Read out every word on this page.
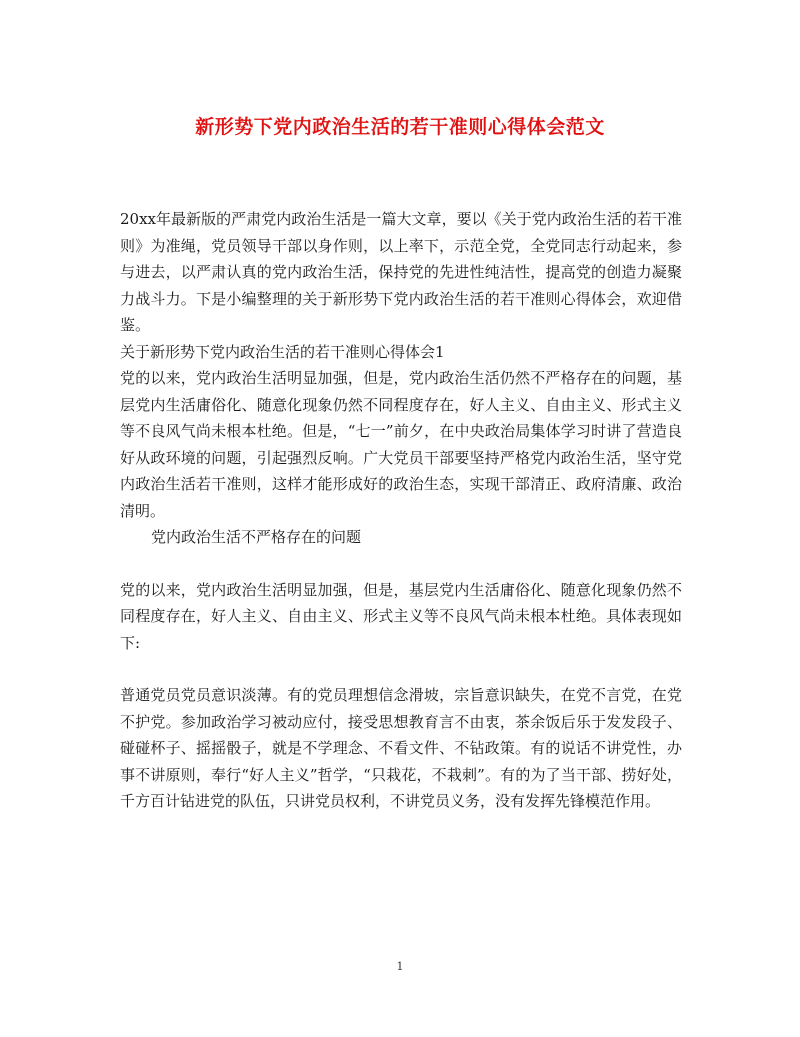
新形势下党内政治生活的若干准则心得体会范文

20xx年最新版的严肃党内政治生活是一篇大文章，要以《关于党内政治生活的若干准则》为准绳，党员领导干部以身作则，以上率下，示范全党，全党同志行动起来，参与进去，以严肃认真的党内政治生活，保持党的先进性纯洁性，提高党的创造力凝聚力战斗力。下是小编整理的关于新形势下党内政治生活的若干准则心得体会，欢迎借鉴。

关于新形势下党内政治生活的若干准则心得体会1

党的以来，党内政治生活明显加强，但是，党内政治生活仍然不严格存在的问题，基层党内生活庸俗化、随意化现象仍然不同程度存在，好人主义、自由主义、形式主义等不良风气尚未根本杜绝。但是，“七一”前夕，在中央政治局集体学习时讲了营造良好从政环境的问题，引起强烈反响。广大党员干部要坚持严格党内政治生活，坚守党内政治生活若干准则，这样才能形成好的政治生态，实现干部清正、政府清廉、政治清明。

党内政治生活不严格存在的问题

党的以来，党内政治生活明显加强，但是，基层党内生活庸俗化、随意化现象仍然不同程度存在，好人主义、自由主义、形式主义等不良风气尚未根本杜绝。具体表现如下:

普通党员党员意识淡薄。有的党员理想信念滑坡，宗旨意识缺失，在党不言党，在党不护党。参加政治学习被动应付，接受思想教育言不由衷，茶余饭后乐于发发段子、碰碰杯子、摇摇骰子，就是不学理念、不看文件、不钻政策。有的说话不讲党性，办事不讲原则，奉行“好人主义”哲学，“只栽花，不栽刺”。有的为了当干部、捞好处，千方百计钻进党的队伍，只讲党员权利，不讲党员义务，没有发挥先锋模范作用。

1
